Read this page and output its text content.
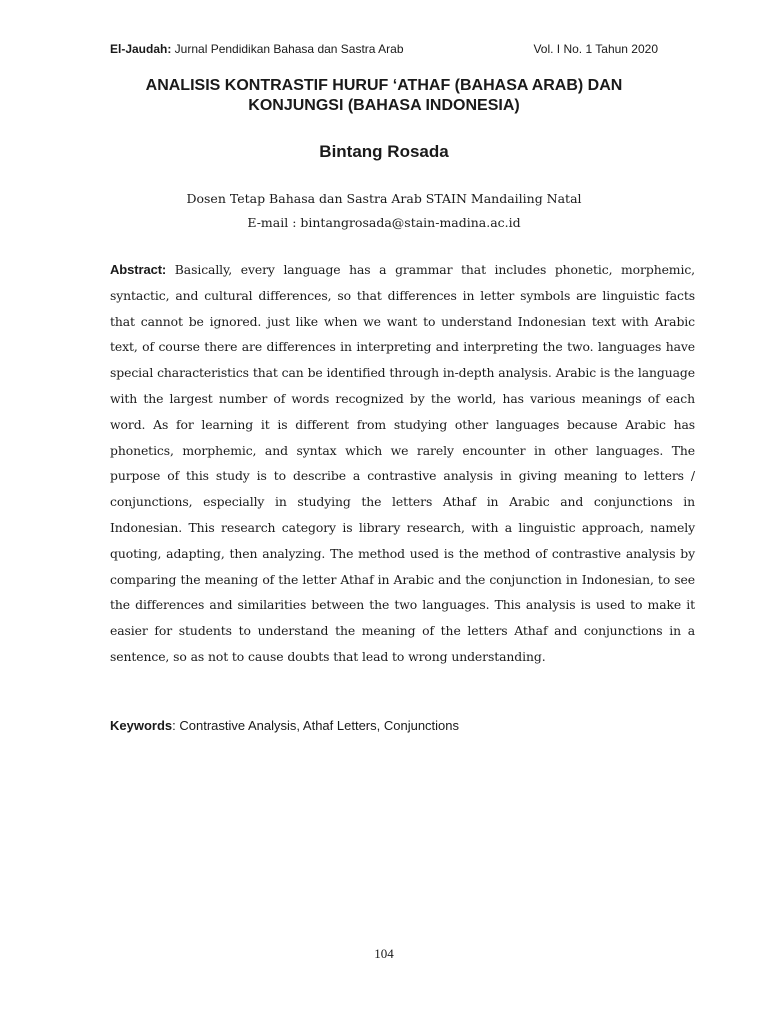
El-Jaudah: Jurnal Pendidikan Bahasa dan Sastra Arab	Vol. I No. 1 Tahun 2020
ANALISIS KONTRASTIF HURUF ‘ATHAF (BAHASA ARAB) DAN
KONJUNGSI (BAHASA INDONESIA)
Bintang Rosada
Dosen Tetap Bahasa dan Sastra Arab STAIN Mandailing Natal
E-mail : bintangrosada@stain-madina.ac.id

Abstract: Basically, every language has a grammar that includes phonetic, morphemic, syntactic, and cultural differences, so that differences in letter symbols are linguistic facts that cannot be ignored. just like when we want to understand Indonesian text with Arabic text, of course there are differences in interpreting and interpreting the two. languages have special characteristics that can be identified through in-depth analysis. Arabic is the language with the largest number of words recognized by the world, has various meanings of each word. As for learning it is different from studying other languages because Arabic has phonetics, morphemic, and syntax which we rarely encounter in other languages. The purpose of this study is to describe a contrastive analysis in giving meaning to letters / conjunctions, especially in studying the letters Athaf in Arabic and conjunctions in Indonesian. This research category is library research, with a linguistic approach, namely quoting, adapting, then analyzing. The method used is the method of contrastive analysis by comparing the meaning of the letter Athaf in Arabic and the conjunction in Indonesian, to see the differences and similarities between the two languages. This analysis is used to make it easier for students to understand the meaning of the letters Athaf and conjunctions in a sentence, so as not to cause doubts that lead to wrong understanding.

Keywords: Contrastive Analysis, Athaf Letters, Conjunctions

104
